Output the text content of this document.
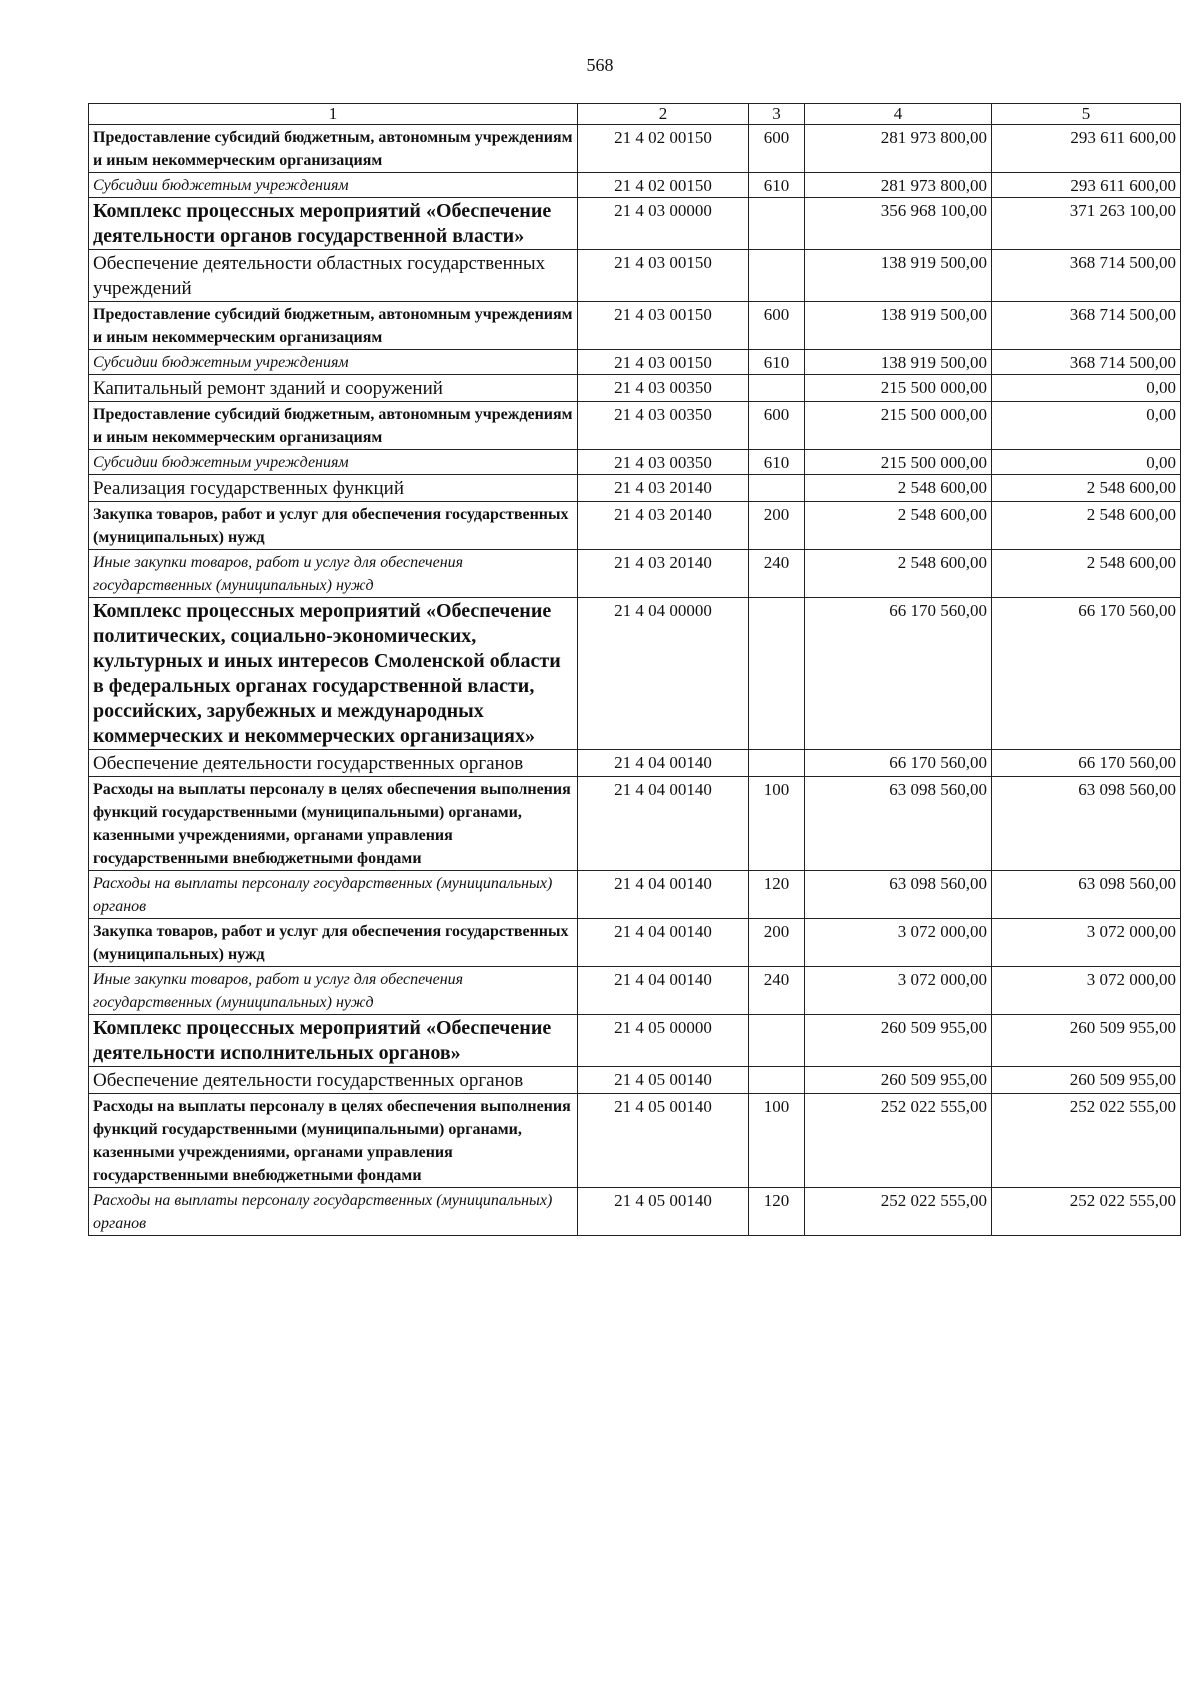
568
1	2	3	4	5
Предоставление субсидий бюджетным, автономным учреждениям и иным некоммерческим организациям	21 4 02 00150	600	281 973 800,00	293 611 600,00
Субсидии бюджетным учреждениям	21 4 02 00150	610	281 973 800,00	293 611 600,00
Комплекс процессных мероприятий «Обеспечение деятельности органов государственной власти»	21 4 03 00000		356 968 100,00	371 263 100,00
Обеспечение деятельности областных государственных учреждений	21 4 03 00150		138 919 500,00	368 714 500,00
Предоставление субсидий бюджетным, автономным учреждениям и иным некоммерческим организациям	21 4 03 00150	600	138 919 500,00	368 714 500,00
Субсидии бюджетным учреждениям	21 4 03 00150	610	138 919 500,00	368 714 500,00
Капитальный ремонт зданий и сооружений	21 4 03 00350		215 500 000,00	0,00
Предоставление субсидий бюджетным, автономным учреждениям и иным некоммерческим организациям	21 4 03 00350	600	215 500 000,00	0,00
Субсидии бюджетным учреждениям	21 4 03 00350	610	215 500 000,00	0,00
Реализация государственных функций	21 4 03 20140		2 548 600,00	2 548 600,00
Закупка товаров, работ и услуг для обеспечения государственных (муниципальных) нужд	21 4 03 20140	200	2 548 600,00	2 548 600,00
Иные закупки товаров, работ и услуг для обеспечения государственных (муниципальных) нужд	21 4 03 20140	240	2 548 600,00	2 548 600,00
Комплекс процессных мероприятий «Обеспечение политических, социально-экономических, культурных и иных интересов Смоленской области в федеральных органах государственной власти, российских, зарубежных и международных коммерческих и некоммерческих организациях»	21 4 04 00000		66 170 560,00	66 170 560,00
Обеспечение деятельности государственных органов	21 4 04 00140		66 170 560,00	66 170 560,00
Расходы на выплаты персоналу в целях обеспечения выполнения функций государственными (муниципальными) органами, казенными учреждениями, органами управления государственными внебюджетными фондами	21 4 04 00140	100	63 098 560,00	63 098 560,00
Расходы на выплаты персоналу государственных (муниципальных) органов	21 4 04 00140	120	63 098 560,00	63 098 560,00
Закупка товаров, работ и услуг для обеспечения государственных (муниципальных) нужд	21 4 04 00140	200	3 072 000,00	3 072 000,00
Иные закупки товаров, работ и услуг для обеспечения государственных (муниципальных) нужд	21 4 04 00140	240	3 072 000,00	3 072 000,00
Комплекс процессных мероприятий «Обеспечение деятельности исполнительных органов»	21 4 05 00000		260 509 955,00	260 509 955,00
Обеспечение деятельности государственных органов	21 4 05 00140		260 509 955,00	260 509 955,00
Расходы на выплаты персоналу в целях обеспечения выполнения функций государственными (муниципальными) органами, казенными учреждениями, органами управления государственными внебюджетными фондами	21 4 05 00140	100	252 022 555,00	252 022 555,00
Расходы на выплаты персоналу государственных (муниципальных) органов	21 4 05 00140	120	252 022 555,00	252 022 555,00
